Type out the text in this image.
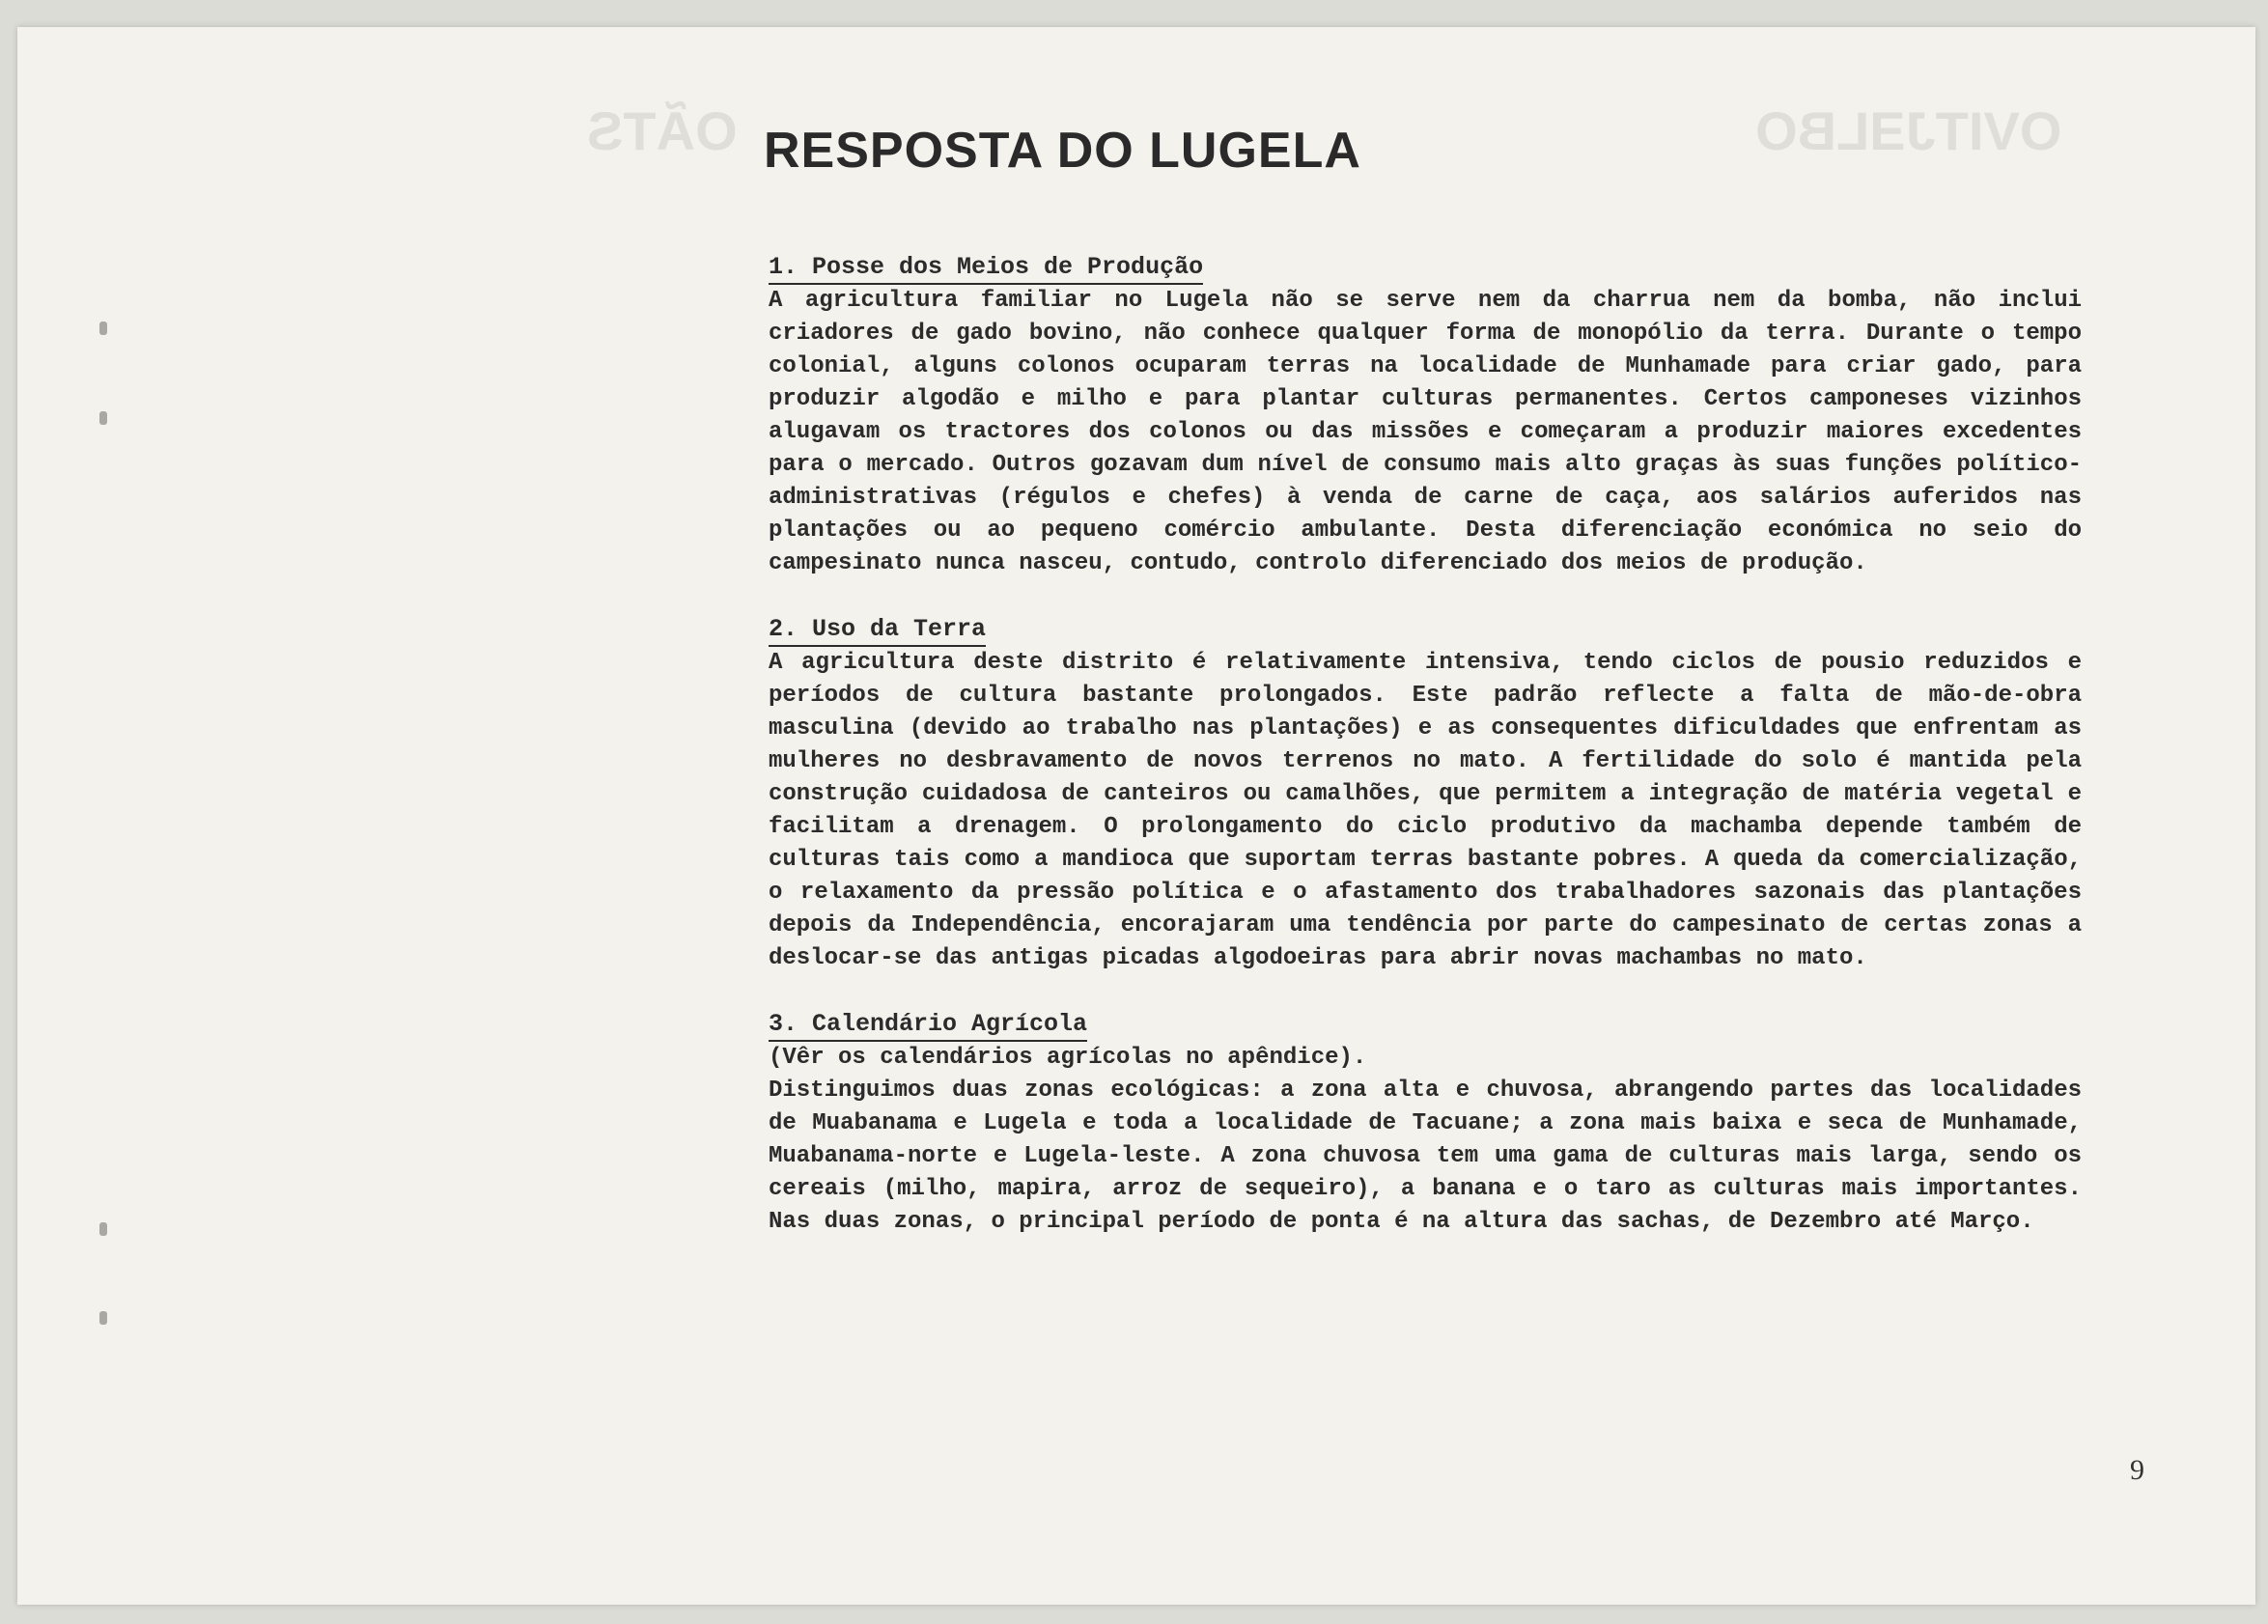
OÃTS	OVITJƎLBO
RESPOSTA DO LUGELA
1. Posse dos Meios de Produção

A agricultura familiar no Lugela não se serve nem da charrua nem da bomba, não inclui criadores de gado bovino, não conhece qualquer forma de monopólio da terra. Durante o tempo colonial, alguns colonos ocuparam terras na localidade de Munhamade para criar gado, para produzir algodão e milho e para plantar culturas permanentes. Certos camponeses vizinhos alugavam os tractores dos colonos ou das missões e começaram a produzir maiores excedentes para o mercado. Outros gozavam dum nível de consumo mais alto graças às suas funções político-administrativas (régulos e chefes) à venda de carne de caça, aos salários auferidos nas plantações ou ao pequeno comércio ambulante. Desta diferenciação económica no seio do campesinato nunca nasceu, contudo, controlo diferenciado dos meios de produção.

2. Uso da Terra

A agricultura deste distrito é relativamente intensiva, tendo ciclos de pousio reduzidos e períodos de cultura bastante prolongados. Este padrão reflecte a falta de mão-de-obra masculina (devido ao trabalho nas plantações) e as consequentes dificuldades que enfrentam as mulheres no desbravamento de novos terrenos no mato. A fertilidade do solo é mantida pela construção cuidadosa de canteiros ou camalhões, que permitem a integração de matéria vegetal e facilitam a drenagem. O prolongamento do ciclo produtivo da machamba depende também de culturas tais como a mandioca que suportam terras bastante pobres. A queda da comercialização, o relaxamento da pressão política e o afastamento dos trabalhadores sazonais das plantações depois da Independência, encorajaram uma tendência por parte do campesinato de certas zonas a deslocar-se das antigas picadas algodoeiras para abrir novas machambas no mato.

3. Calendário Agrícola

(Vêr os calendários agrícolas no apêndice).

Distinguimos duas zonas ecológicas: a zona alta e chuvosa, abrangendo partes das localidades de Muabanama e Lugela e toda a localidade de Tacuane; a zona mais baixa e seca de Munhamade, Muabanama-norte e Lugela-leste. A zona chuvosa tem uma gama de culturas mais larga, sendo os cereais (milho, mapira, arroz de sequeiro), a banana e o taro as culturas mais importantes. Nas duas zonas, o principal período de ponta é na altura das sachas, de Dezembro até Março.

9
